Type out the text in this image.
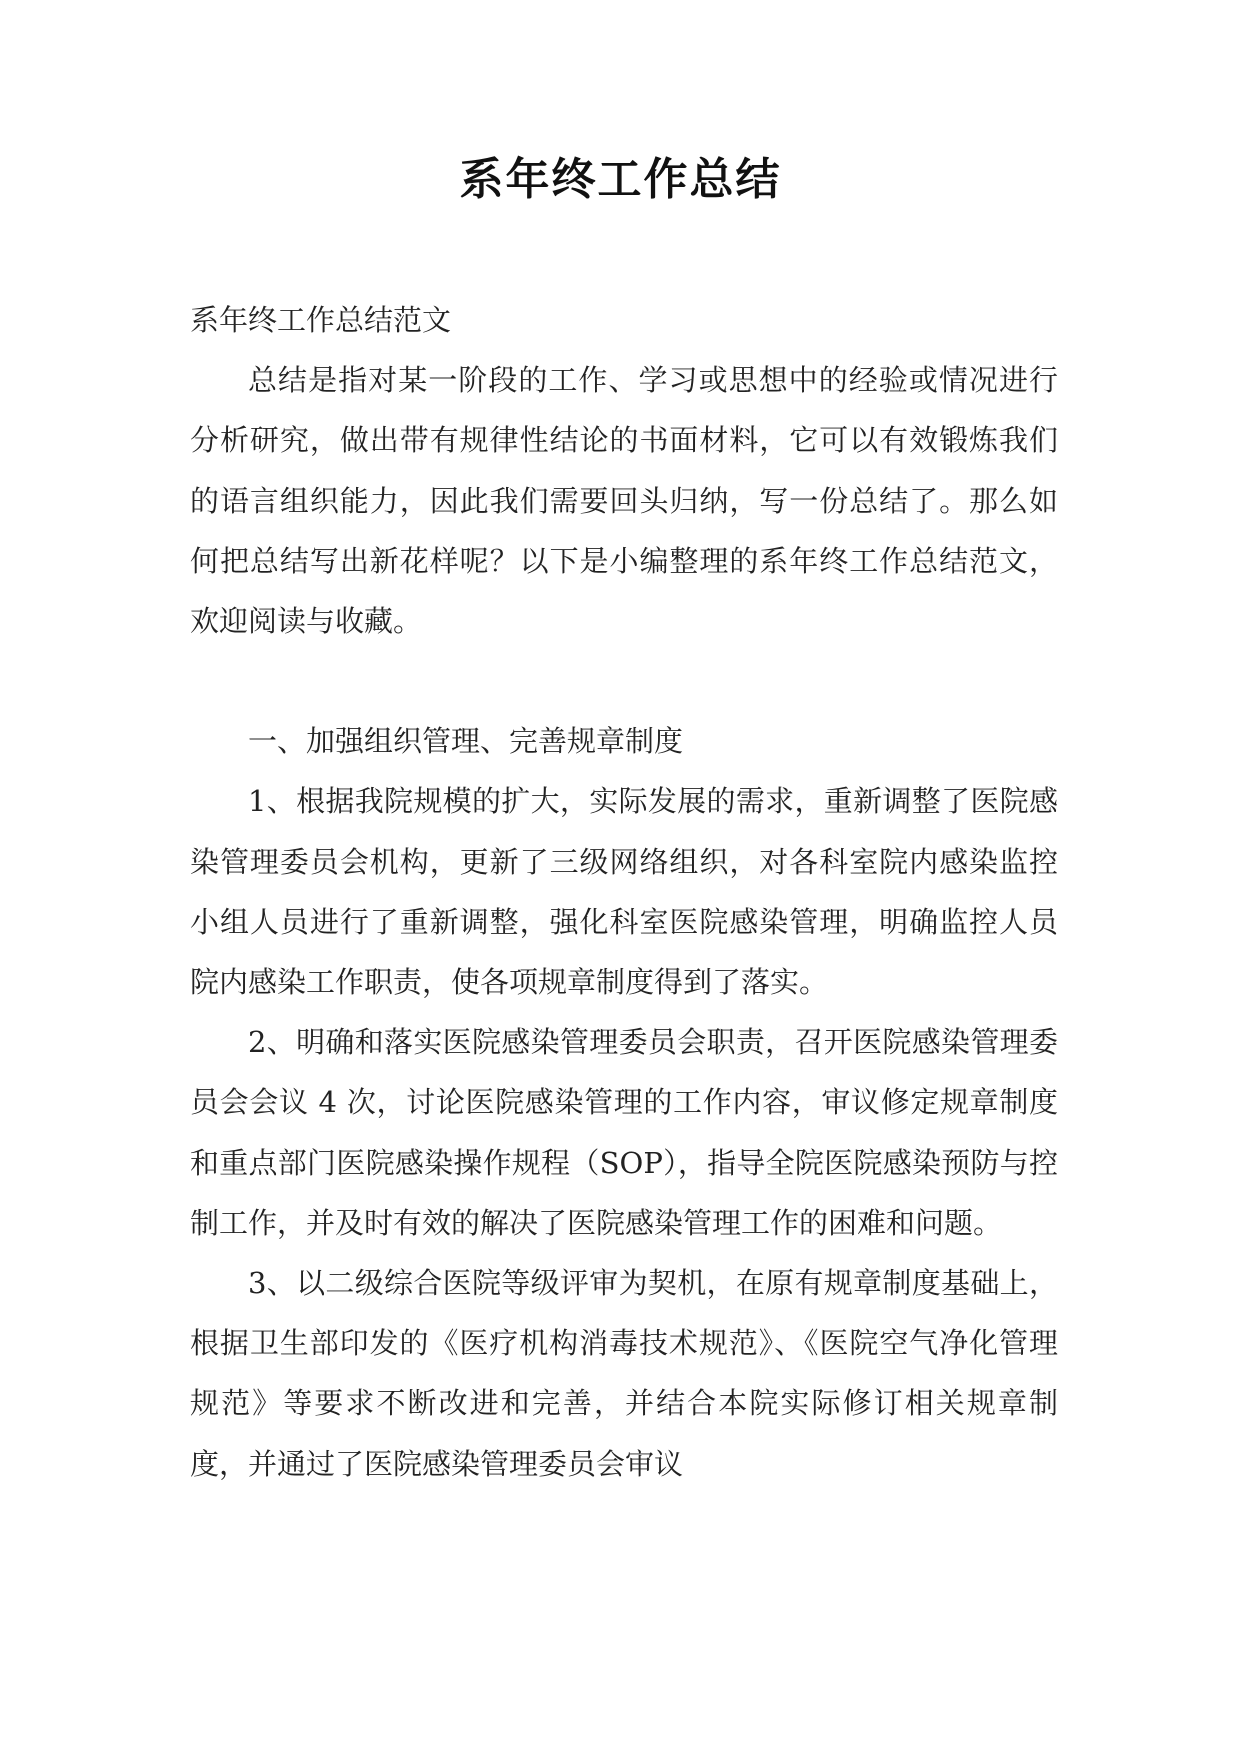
系年终工作总结

系年终工作总结范文

总结是指对某一阶段的工作、学习或思想中的经验或情况进行分析研究，做出带有规律性结论的书面材料，它可以有效锻炼我们的语言组织能力，因此我们需要回头归纳，写一份总结了。那么如何把总结写出新花样呢？以下是小编整理的系年终工作总结范文，欢迎阅读与收藏。

一、加强组织管理、完善规章制度

1、根据我院规模的扩大，实际发展的需求，重新调整了医院感染管理委员会机构，更新了三级网络组织，对各科室院内感染监控小组人员进行了重新调整，强化科室医院感染管理，明确监控人员院内感染工作职责，使各项规章制度得到了落实。

2、明确和落实医院感染管理委员会职责，召开医院感染管理委员会会议 4 次，讨论医院感染管理的工作内容，审议修定规章制度和重点部门医院感染操作规程（SOP），指导全院医院感染预防与控制工作，并及时有效的解决了医院感染管理工作的困难和问题。

3、以二级综合医院等级评审为契机，在原有规章制度基础上，根据卫生部印发的《医疗机构消毒技术规范》、《医院空气净化管理规范》等要求不断改进和完善，并结合本院实际修订相关规章制度，并通过了医院感染管理委员会审议
